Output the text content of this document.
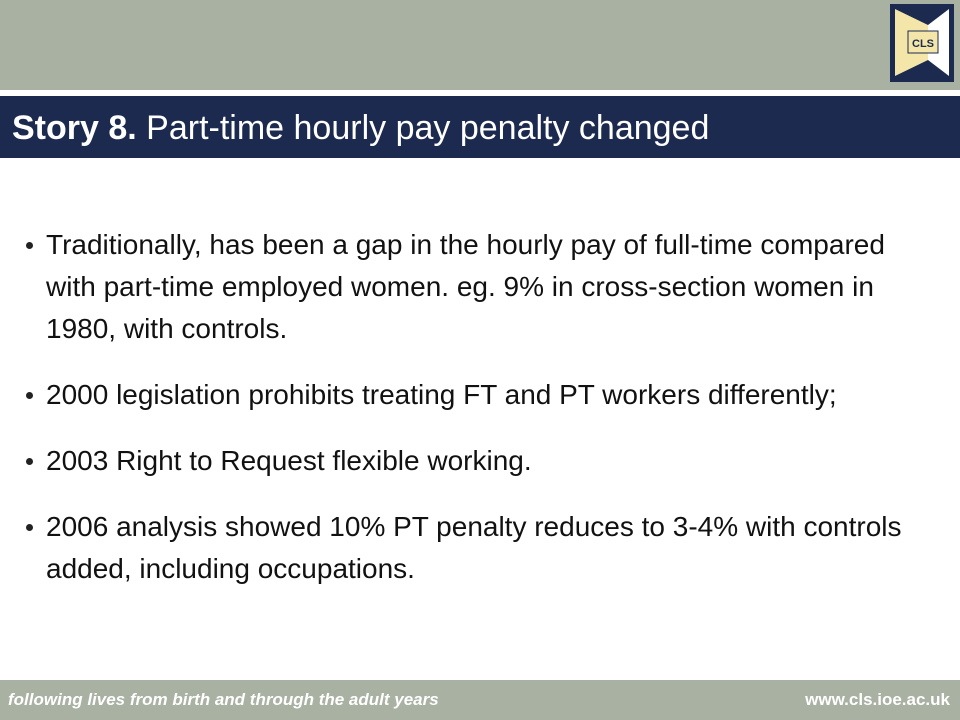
CLS
Story 8. Part-time hourly pay penalty changed
Traditionally, has been a gap in the hourly pay of full-time compared with part-time employed women. eg. 9% in cross-section women in 1980, with controls.
2000 legislation prohibits treating FT and PT workers differently;
2003 Right to Request flexible working.
2006 analysis showed 10% PT penalty reduces to 3-4% with controls added, including occupations.
following lives from birth and through the adult years	www.cls.ioe.ac.uk
